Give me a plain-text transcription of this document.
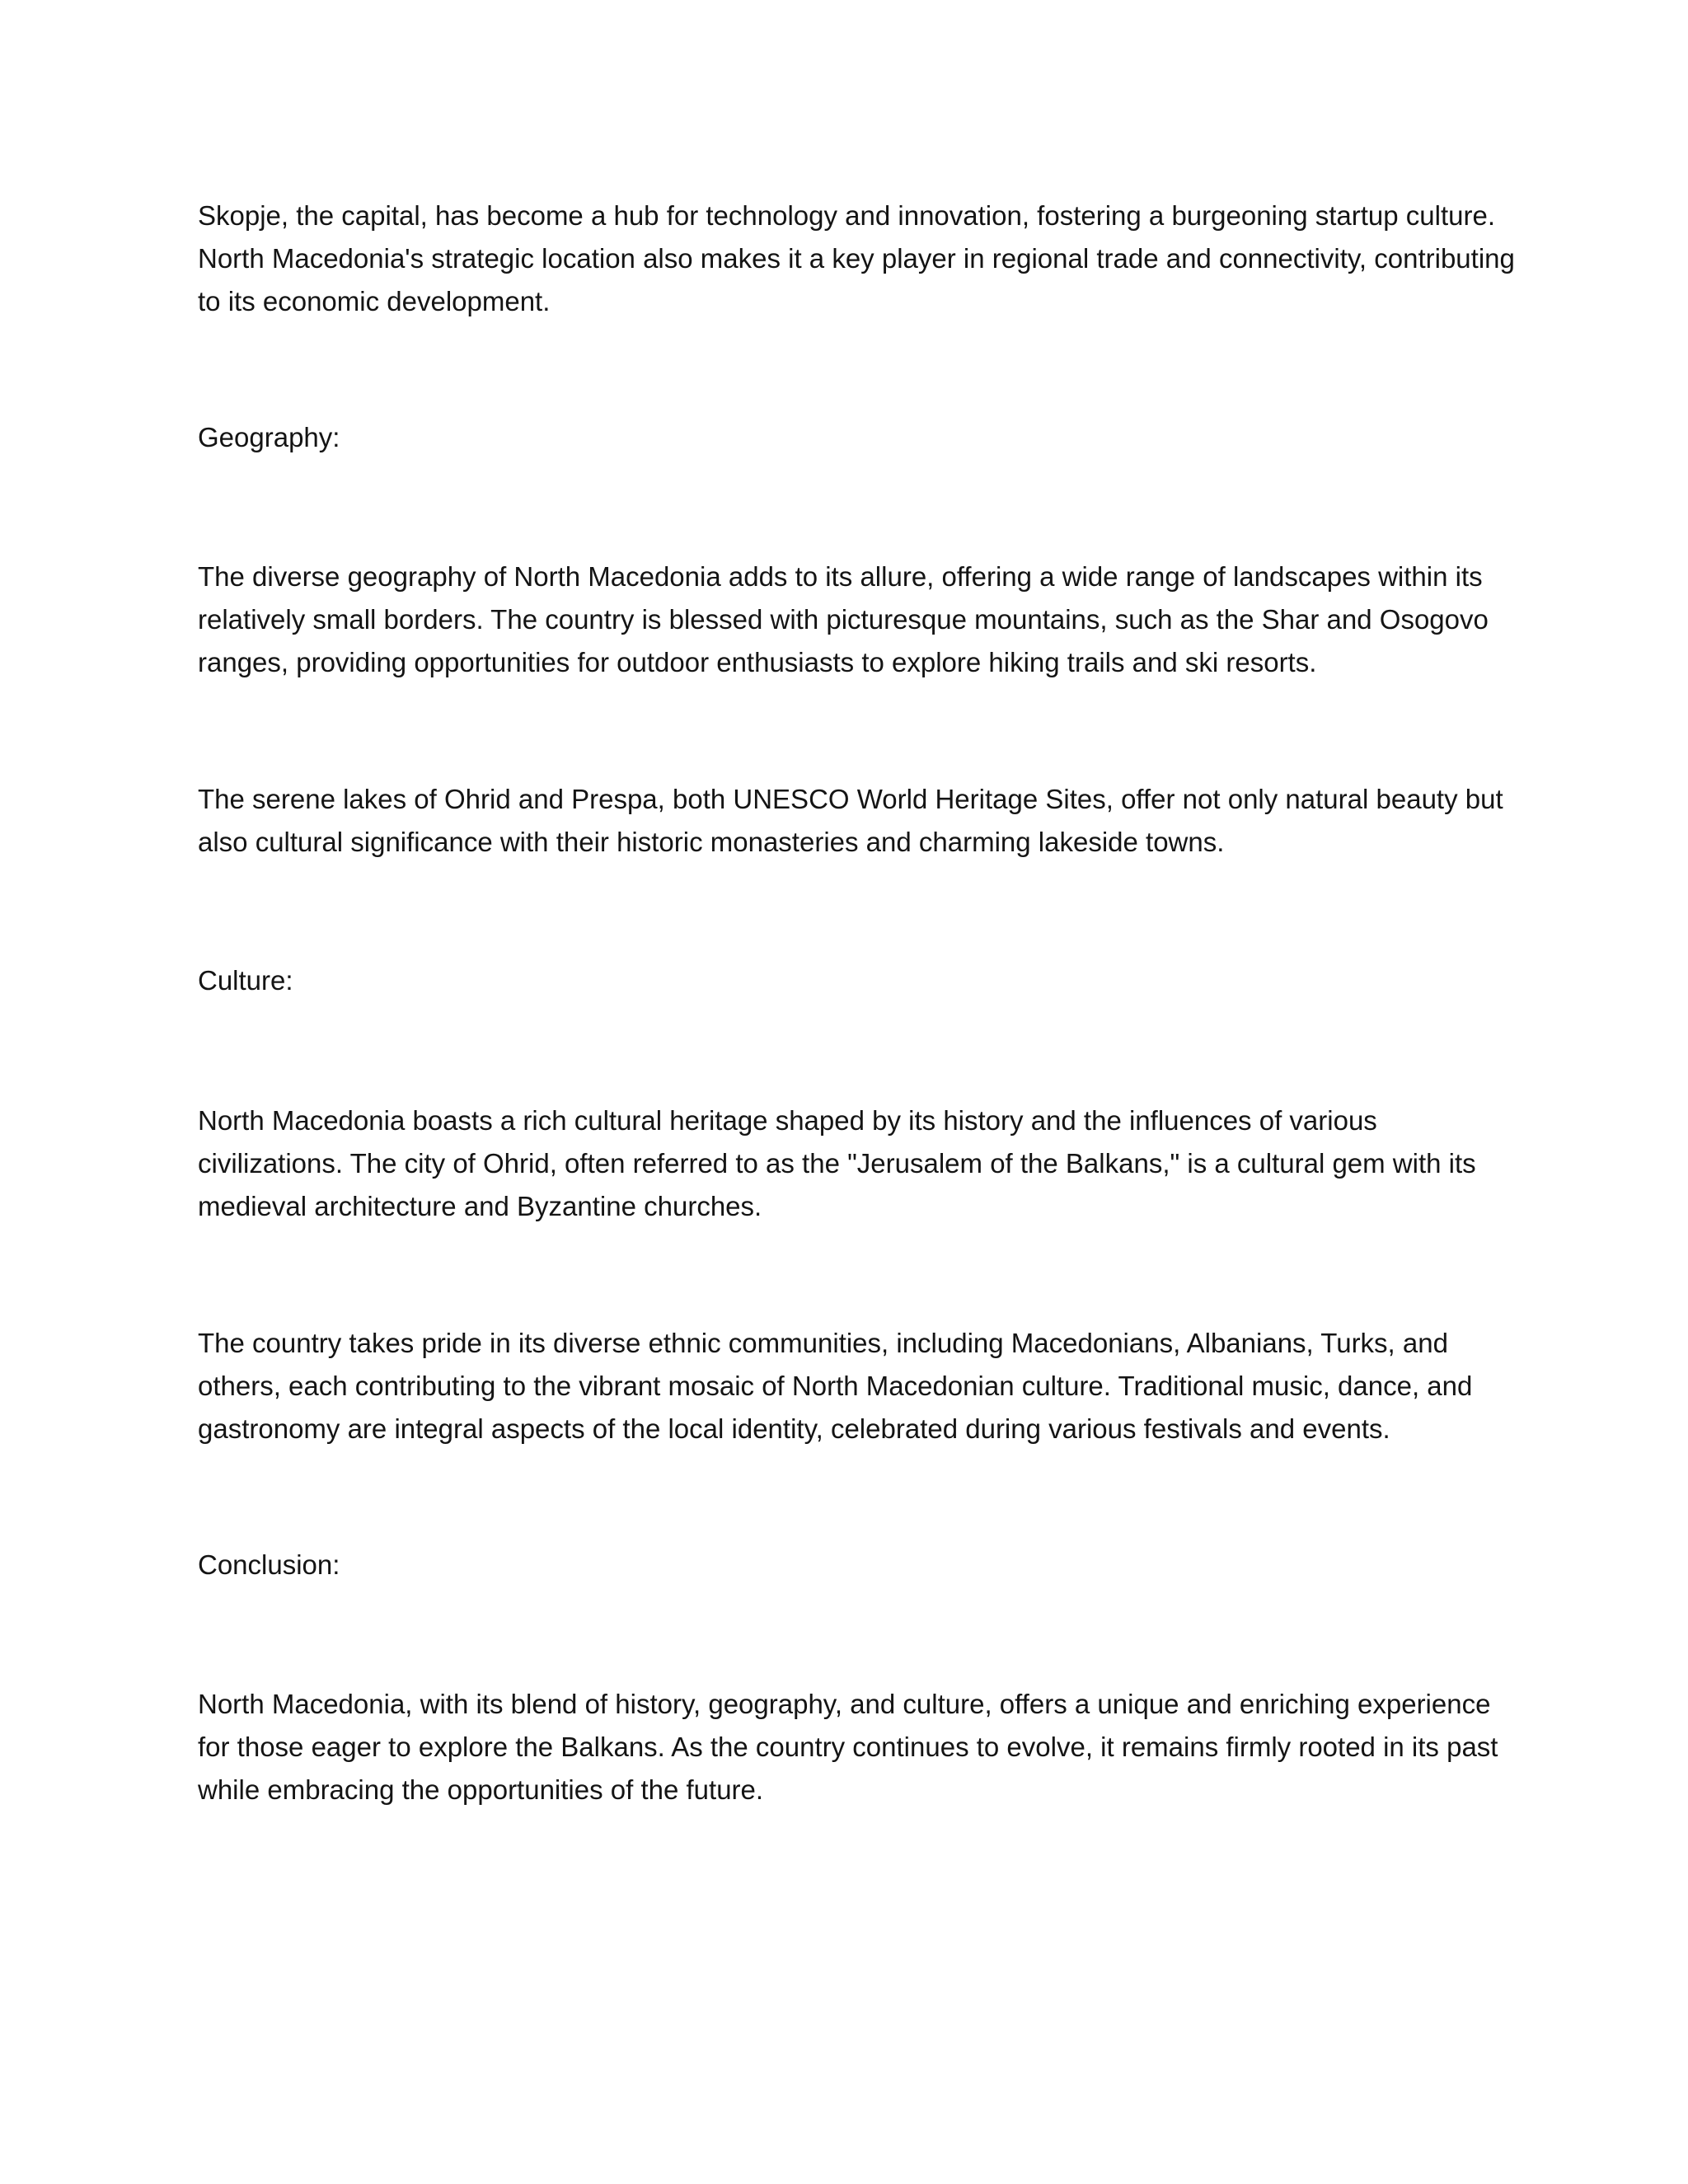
Skopje, the capital, has become a hub for technology and innovation, fostering a burgeoning startup culture. North Macedonia's strategic location also makes it a key player in regional trade and connectivity, contributing to its economic development.

Geography:

The diverse geography of North Macedonia adds to its allure, offering a wide range of landscapes within its relatively small borders. The country is blessed with picturesque mountains, such as the Shar and Osogovo ranges, providing opportunities for outdoor enthusiasts to explore hiking trails and ski resorts.

The serene lakes of Ohrid and Prespa, both UNESCO World Heritage Sites, offer not only natural beauty but also cultural significance with their historic monasteries and charming lakeside towns.

Culture:

North Macedonia boasts a rich cultural heritage shaped by its history and the influences of various civilizations. The city of Ohrid, often referred to as the "Jerusalem of the Balkans," is a cultural gem with its medieval architecture and Byzantine churches.

The country takes pride in its diverse ethnic communities, including Macedonians, Albanians, Turks, and others, each contributing to the vibrant mosaic of North Macedonian culture. Traditional music, dance, and gastronomy are integral aspects of the local identity, celebrated during various festivals and events.

Conclusion:

North Macedonia, with its blend of history, geography, and culture, offers a unique and enriching experience for those eager to explore the Balkans. As the country continues to evolve, it remains firmly rooted in its past while embracing the opportunities of the future.
